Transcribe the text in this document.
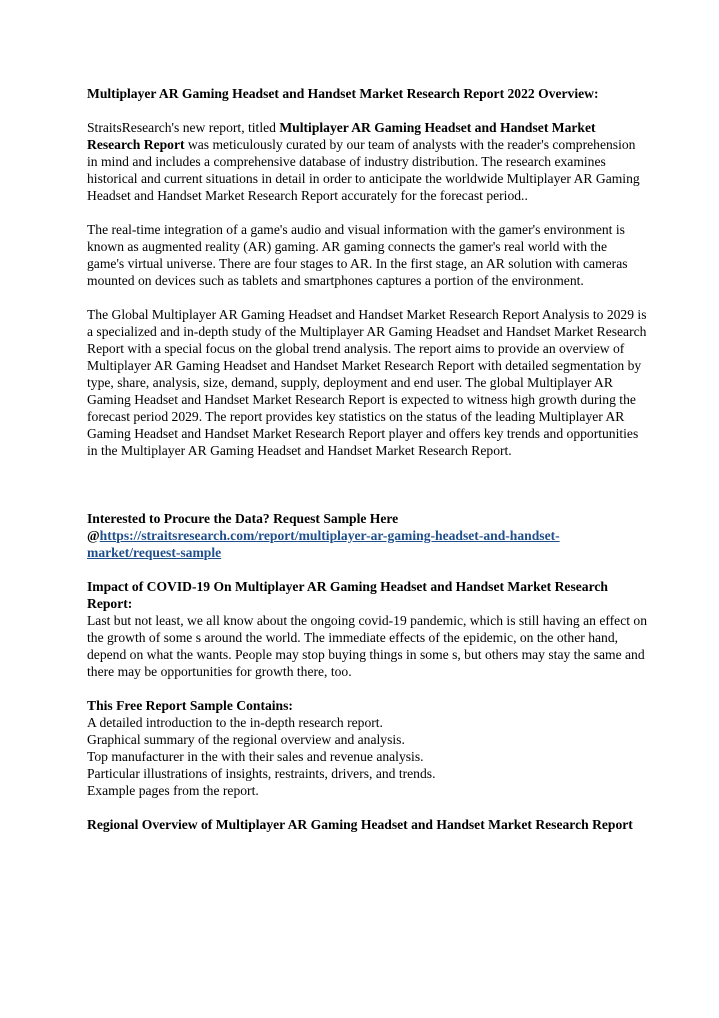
Multiplayer AR Gaming Headset and Handset Market Research Report 2022 Overview:

StraitsResearch's new report, titled Multiplayer AR Gaming Headset and Handset Market Research Report was meticulously curated by our team of analysts with the reader's comprehension in mind and includes a comprehensive database of industry distribution. The research examines historical and current situations in detail in order to anticipate the worldwide Multiplayer AR Gaming Headset and Handset Market Research Report accurately for the forecast period..

The real-time integration of a game's audio and visual information with the gamer's environment is known as augmented reality (AR) gaming. AR gaming connects the gamer's real world with the game's virtual universe. There are four stages to AR. In the first stage, an AR solution with cameras mounted on devices such as tablets and smartphones captures a portion of the environment.

The Global Multiplayer AR Gaming Headset and Handset Market Research Report Analysis to 2029 is a specialized and in-depth study of the Multiplayer AR Gaming Headset and Handset Market Research Report with a special focus on the global trend analysis. The report aims to provide an overview of Multiplayer AR Gaming Headset and Handset Market Research Report with detailed segmentation by type, share, analysis, size, demand, supply, deployment and end user. The global Multiplayer AR Gaming Headset and Handset Market Research Report is expected to witness high growth during the forecast period 2029. The report provides key statistics on the status of the leading Multiplayer AR Gaming Headset and Handset Market Research Report player and offers key trends and opportunities in the Multiplayer AR Gaming Headset and Handset Market Research Report.

Interested to Procure the Data? Request Sample Here

@https://straitsresearch.com/report/multiplayer-ar-gaming-headset-and-handset-market/request-sample

Impact of COVID-19 On Multiplayer AR Gaming Headset and Handset Market Research Report:

Last but not least, we all know about the ongoing covid-19 pandemic, which is still having an effect on the growth of some s around the world. The immediate effects of the epidemic, on the other hand, depend on what the wants. People may stop buying things in some s, but others may stay the same and there may be opportunities for growth there, too.

This Free Report Sample Contains:

A detailed introduction to the in-depth research report.

Graphical summary of the regional overview and analysis.

Top manufacturer in the with their sales and revenue analysis.

Particular illustrations of insights, restraints, drivers, and trends.

Example pages from the report.

Regional Overview of Multiplayer AR Gaming Headset and Handset Market Research Report
